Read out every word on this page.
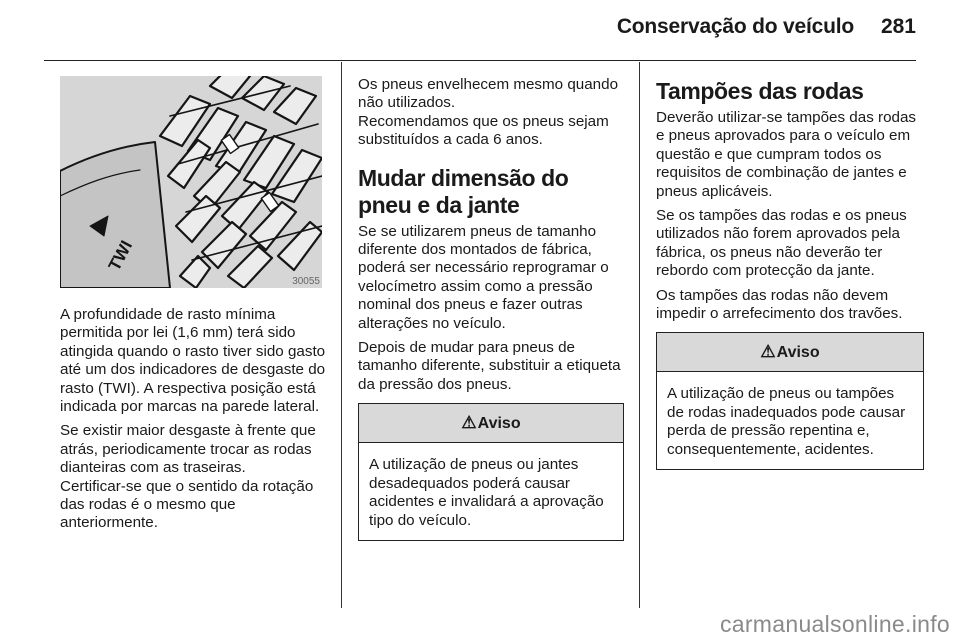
Conservação do veículo 281
TWI
30055

A profundidade de rasto mínima permitida por lei (1,6 mm) terá sido atingida quando o rasto tiver sido gasto até um dos indicadores de desgaste do rasto (TWI). A respectiva posição está indicada por marcas na parede lateral.

Se existir maior desgaste à frente que atrás, periodicamente trocar as rodas dianteiras com as traseiras.

Certificar-se que o sentido da rotação das rodas é o mesmo que anteriormente.

Os pneus envelhecem mesmo quando não utilizados.

Recomendamos que os pneus sejam substituídos a cada 6 anos.

Mudar dimensão do pneu e da jante

Se se utilizarem pneus de tamanho diferente dos montados de fábrica, poderá ser necessário reprogramar o velocímetro assim como a pressão nominal dos pneus e fazer outras alterações no veículo.

Depois de mudar para pneus de tamanho diferente, substituir a etiqueta da pressão dos pneus.

⚠Aviso
A utilização de pneus ou jantes desadequados poderá causar acidentes e invalidará a aprovação tipo do veículo.
Tampões das rodas

Deverão utilizar-se tampões das rodas e pneus aprovados para o veículo em questão e que cumpram todos os requisitos de combinação de jantes e pneus aplicáveis.

Se os tampões das rodas e os pneus utilizados não forem aprovados pela fábrica, os pneus não deverão ter rebordo com protecção da jante.

Os tampões das rodas não devem impedir o arrefecimento dos travões.

⚠Aviso
A utilização de pneus ou tampões de rodas inadequados pode causar perda de pressão repentina e, consequentemente, acidentes.
carmanualsonline.info
